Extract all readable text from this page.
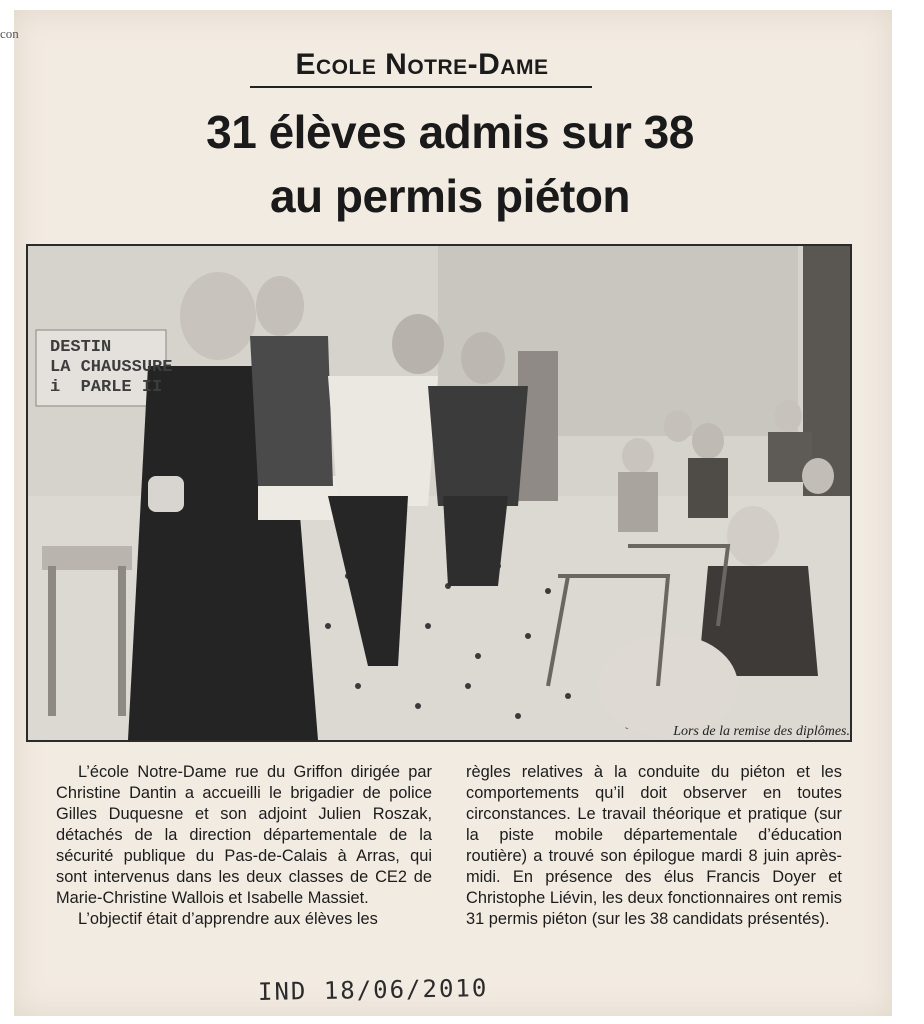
con
Ecole Notre-Dame
31 élèves admis sur 38
au permis piéton
DESTIN
LA CHAUSSURE
i  PARLE II
Lors de la remise des diplômes.

L’école Notre-Dame rue du Griffon dirigée par Christine Dantin a accueilli le brigadier de police Gilles Duquesne et son adjoint Julien Roszak, détachés de la direction départementale de la sécurité publique du Pas-de-Calais à Arras, qui sont intervenus dans les deux classes de CE2 de Marie-Christine Wallois et Isabelle Massiet.

L’objectif était d’apprendre aux élèves les

règles relatives à la conduite du piéton et les comportements qu’il doit observer en toutes circonstances. Le travail théorique et pratique (sur la piste mobile départementale d’éducation routière) a trouvé son épilogue mardi 8 juin après-midi. En présence des élus Francis Doyer et Christophe Liévin, les deux fonctionnaires ont remis 31 permis piéton (sur les 38 candidats présentés).

IND 18/06/2010
